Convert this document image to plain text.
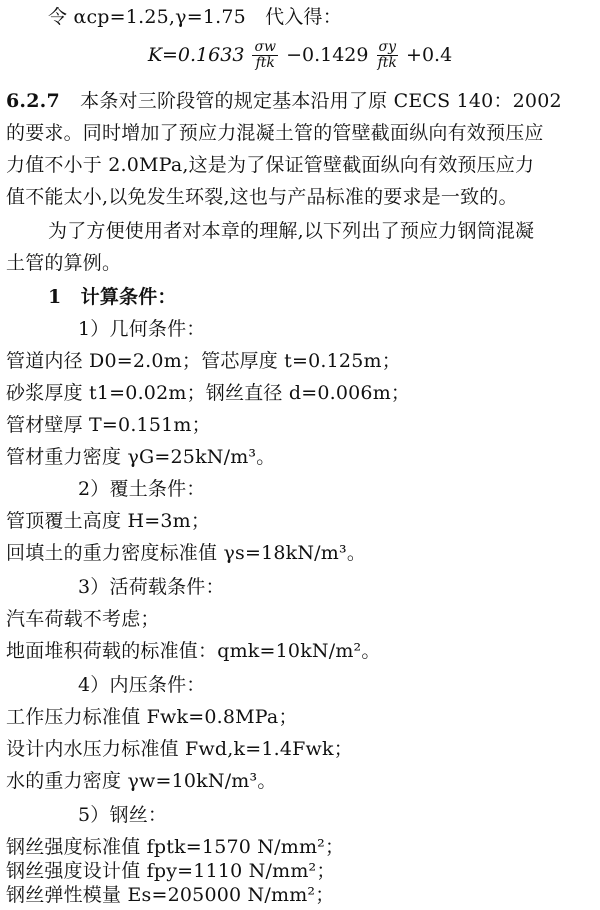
令 αcp=1.25,γ=1.75　代入得：
$K=0.1633 \frac{\sigma w}{\text{ftk}} -0.1429 \frac{\sigma y}{\text{ftk}} +0.4$
6.2.7 本条对三阶段管的规定基本沿用了原 CECS 140：2002
的要求。同时增加了预应力混凝土管的管壁截面纵向有效预压应
力值不小于 2.0MPa,这是为了保证管壁截面纵向有效预压应力
值不能太小,以免发生环裂,这也与产品标准的要求是一致的。
为了方便使用者对本章的理解,以下列出了预应力钢筒混凝
土管的算例。
1　计算条件：
1）几何条件：
管道内径 D0=2.0m；管芯厚度 t=0.125m；
砂浆厚度 t1=0.02m；钢丝直径 d=0.006m；
管材壁厚 T=0.151m；
管材重力密度 γG=25kN/m³。
2）覆土条件：
管顶覆土高度 H=3m；
回填土的重力密度标准值 γs=18kN/m³。
3）活荷载条件：
汽车荷载不考虑；
地面堆积荷载的标准值：qmk=10kN/m²。
4）内压条件：
工作压力标准值 Fwk=0.8MPa；
设计内水压力标准值 Fwd,k=1.4Fwk；
水的重力密度 γw=10kN/m³。
5）钢丝：
钢丝强度标准值 fptk=1570 N/mm²；
钢丝强度设计值 fpy=1110 N/mm²；
钢丝弹性模量 Es=205000 N/mm²；
